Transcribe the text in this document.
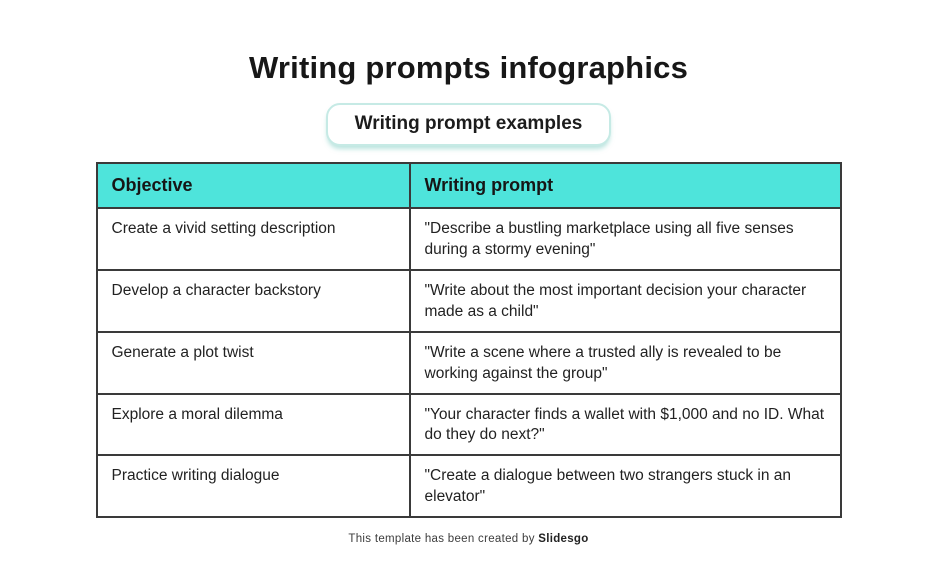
Writing prompts infographics
Writing prompt examples
Objective	Writing prompt
Create a vivid setting description	"Describe a bustling marketplace using all five senses during a stormy evening"
Develop a character backstory	"Write about the most important decision your character made as a child"
Generate a plot twist	"Write a scene where a trusted ally is revealed to be working against the group"
Explore a moral dilemma	"Your character finds a wallet with $1,000 and no ID. What do they do next?"
Practice writing dialogue	"Create a dialogue between two strangers stuck in an elevator"
This template has been created by Slidesgo
